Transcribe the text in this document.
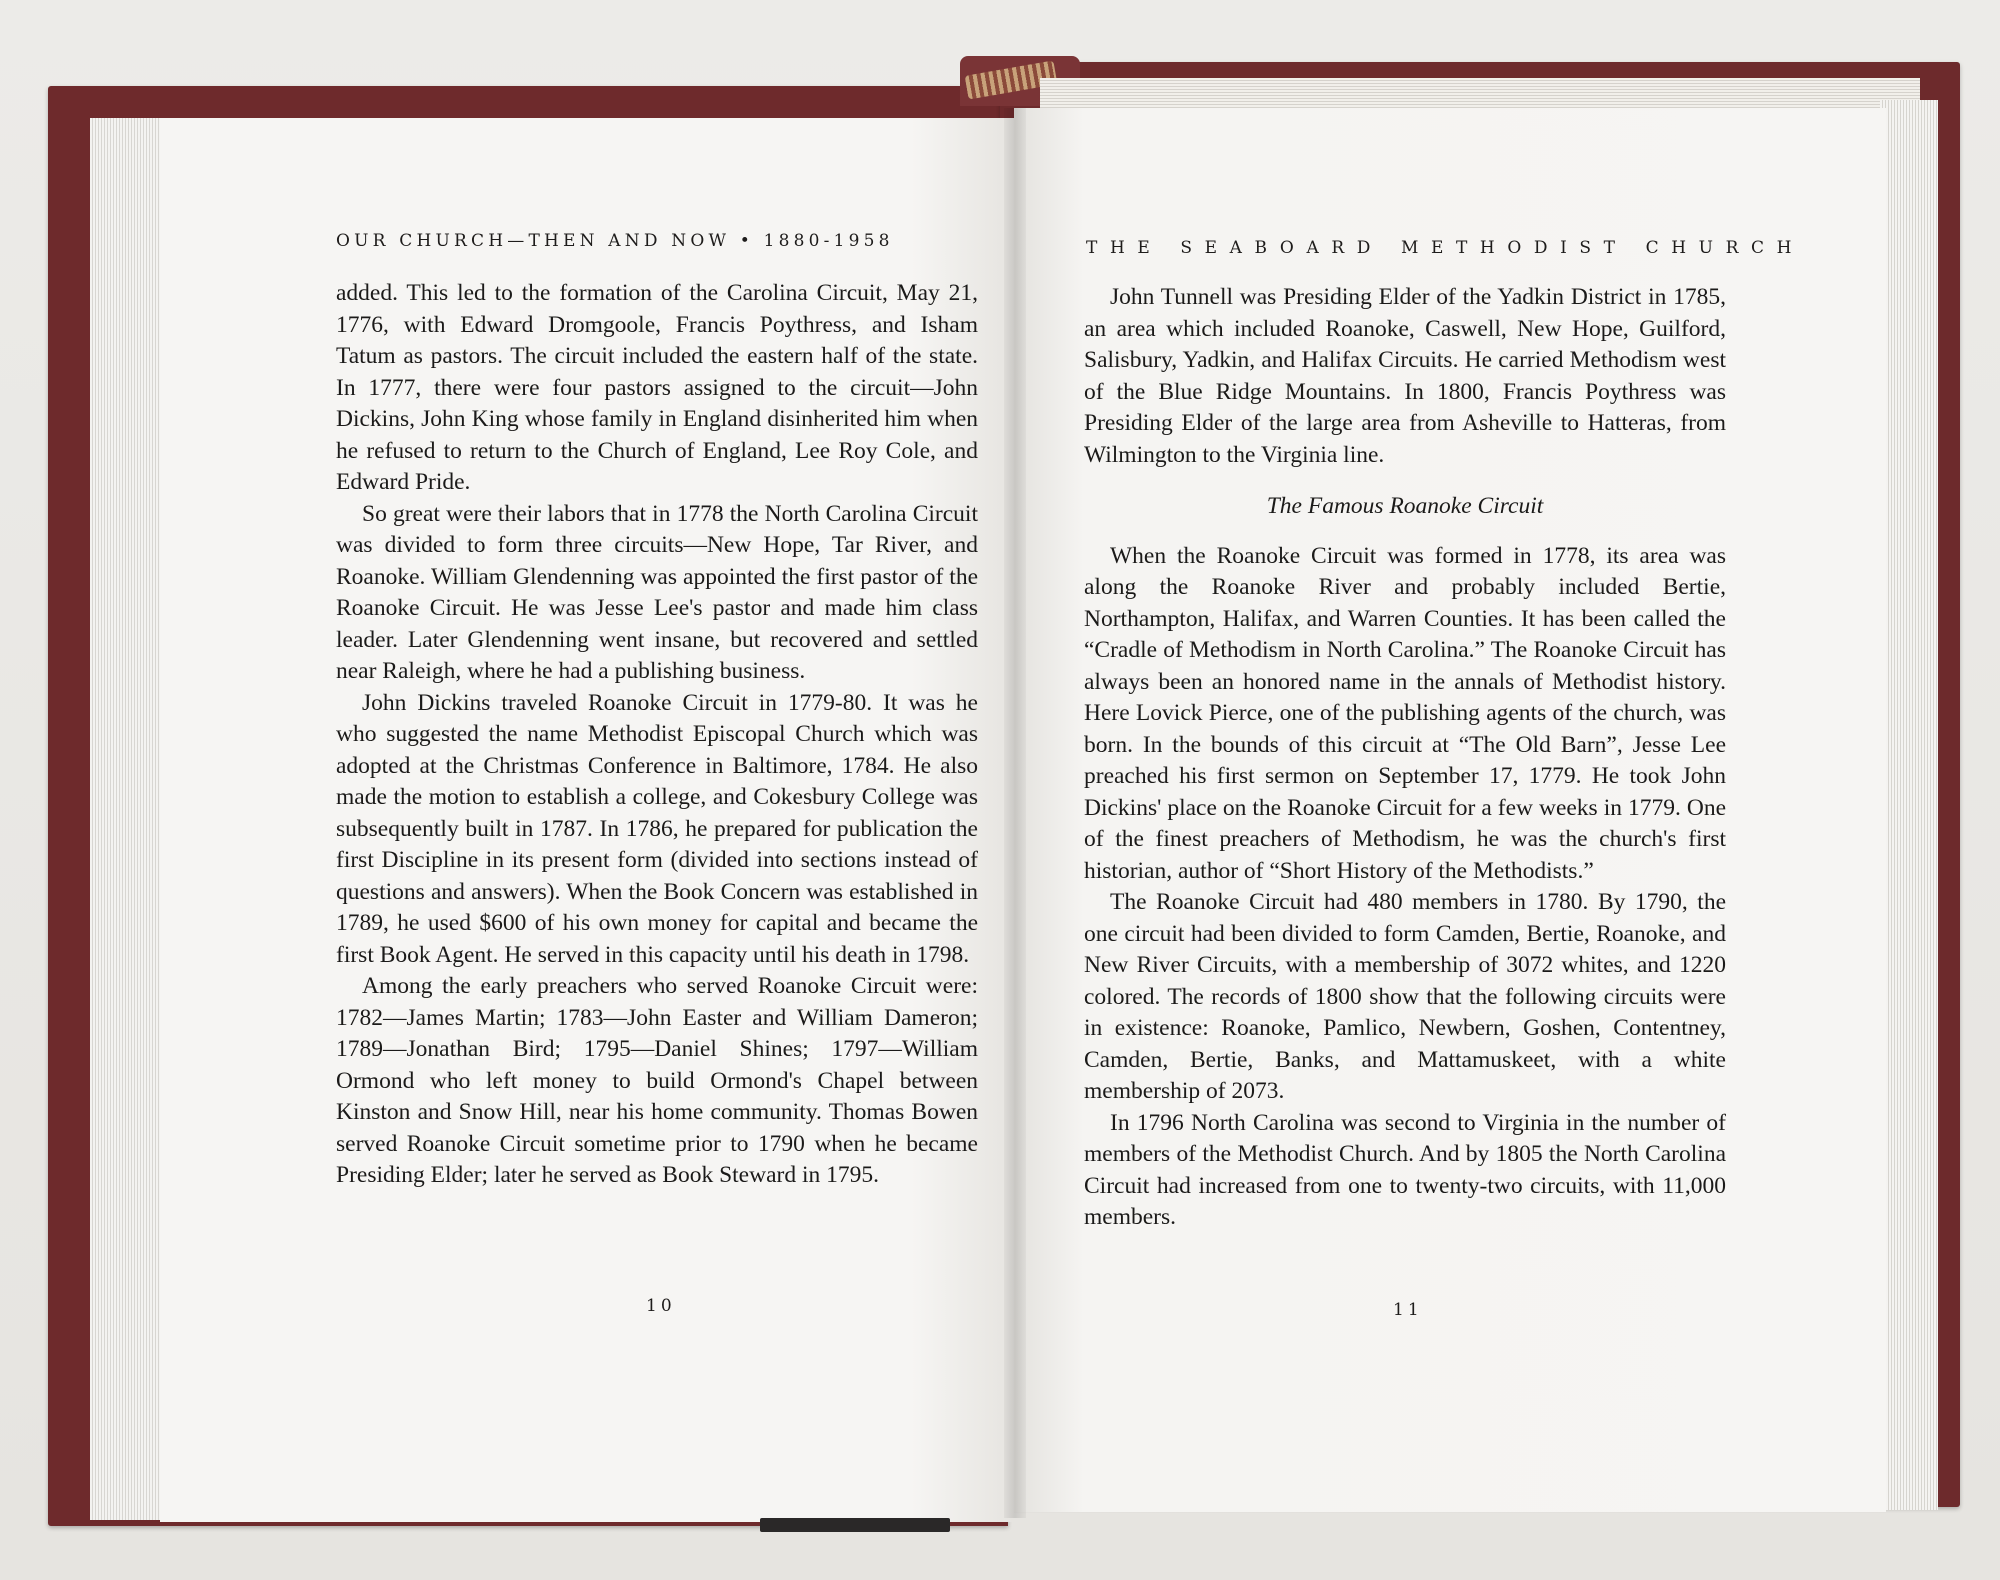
OUR CHURCH—THEN AND NOW • 1880-1958	THE SEABOARD METHODIST CHURCH

added. This led to the formation of the Carolina Circuit, May 21, 1776, with Edward Dromgoole, Francis Poythress, and Isham Tatum as pastors. The circuit included the eastern half of the state. In 1777, there were four pastors assigned to the circuit—John Dickins, John King whose family in England disinherited him when he refused to return to the Church of England, Lee Roy Cole, and Edward Pride.

So great were their labors that in 1778 the North Carolina Circuit was divided to form three circuits—New Hope, Tar River, and Roanoke. William Glendenning was appointed the first pastor of the Roanoke Circuit. He was Jesse Lee's pastor and made him class leader. Later Glendenning went insane, but recovered and settled near Raleigh, where he had a publishing business.

John Dickins traveled Roanoke Circuit in 1779-80. It was he who suggested the name Methodist Episcopal Church which was adopted at the Christmas Conference in Baltimore, 1784. He also made the motion to establish a college, and Cokesbury College was subsequently built in 1787. In 1786, he prepared for publication the first Discipline in its present form (divided into sections instead of questions and answers). When the Book Concern was established in 1789, he used $600 of his own money for capital and became the first Book Agent. He served in this capacity until his death in 1798.

Among the early preachers who served Roanoke Circuit were: 1782—James Martin; 1783—John Easter and William Dameron; 1789—Jonathan Bird; 1795—Daniel Shines; 1797—William Ormond who left money to build Ormond's Chapel between Kinston and Snow Hill, near his home community. Thomas Bowen served Roanoke Circuit sometime prior to 1790 when he became Presiding Elder; later he served as Book Steward in 1795.

John Tunnell was Presiding Elder of the Yadkin District in 1785, an area which included Roanoke, Caswell, New Hope, Guilford, Salisbury, Yadkin, and Halifax Circuits. He carried Methodism west of the Blue Ridge Mountains. In 1800, Francis Poythress was Presiding Elder of the large area from Asheville to Hatteras, from Wilmington to the Virginia line.

The Famous Roanoke Circuit

When the Roanoke Circuit was formed in 1778, its area was along the Roanoke River and probably included Bertie, Northampton, Halifax, and Warren Counties. It has been called the “Cradle of Methodism in North Carolina.” The Roanoke Circuit has always been an honored name in the annals of Methodist history. Here Lovick Pierce, one of the publishing agents of the church, was born. In the bounds of this circuit at “The Old Barn”, Jesse Lee preached his first sermon on September 17, 1779. He took John Dickins' place on the Roanoke Circuit for a few weeks in 1779. One of the finest preachers of Methodism, he was the church's first historian, author of “Short History of the Methodists.”

The Roanoke Circuit had 480 members in 1780. By 1790, the one circuit had been divided to form Camden, Bertie, Roanoke, and New River Circuits, with a membership of 3072 whites, and 1220 colored. The records of 1800 show that the following circuits were in existence: Roanoke, Pamlico, Newbern, Goshen, Contentney, Camden, Bertie, Banks, and Mattamuskeet, with a white membership of 2073.

In 1796 North Carolina was second to Virginia in the number of members of the Methodist Church. And by 1805 the North Carolina Circuit had increased from one to twenty-two circuits, with 11,000 members.

10	11
